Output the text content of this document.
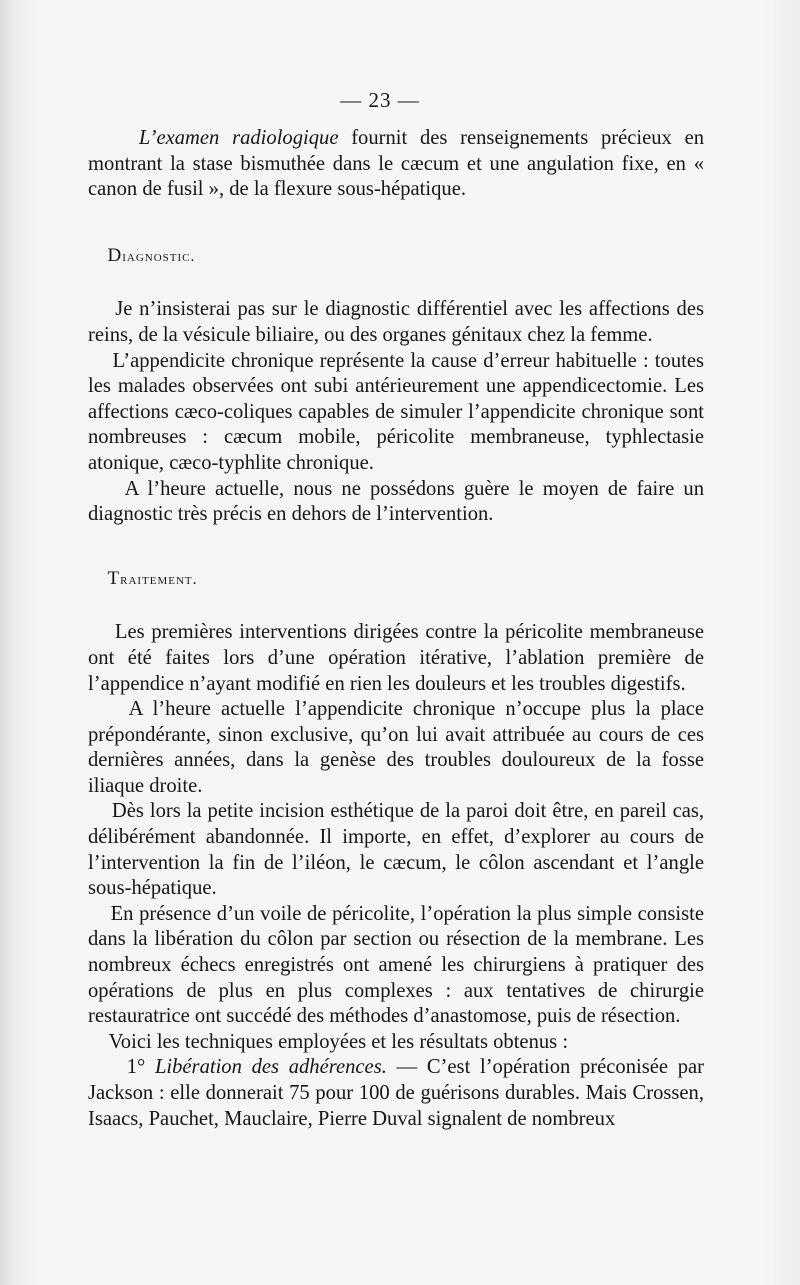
— 23 —

L’examen radiologique fournit des renseignements précieux en montrant la stase bismuthée dans le cæcum et une angulation fixe, en « canon de fusil », de la flexure sous-hépatique.

Diagnostic.

Je n’insisterai pas sur le diagnostic différentiel avec les affections des reins, de la vésicule biliaire, ou des organes génitaux chez la femme.

L’appendicite chronique représente la cause d’erreur habituelle : toutes les malades observées ont subi antérieurement une appendicectomie. Les affections cæco-coliques capables de simuler l’appendicite chronique sont nombreuses : cæcum mobile, péricolite membraneuse, typhlectasie atonique, cæco-typhlite chronique.

A l’heure actuelle, nous ne possédons guère le moyen de faire un diagnostic très précis en dehors de l’intervention.

Traitement.

Les premières interventions dirigées contre la péricolite membraneuse ont été faites lors d’une opération itérative, l’ablation première de l’appendice n’ayant modifié en rien les douleurs et les troubles digestifs.

A l’heure actuelle l’appendicite chronique n’occupe plus la place prépondérante, sinon exclusive, qu’on lui avait attribuée au cours de ces dernières années, dans la genèse des troubles douloureux de la fosse iliaque droite.

Dès lors la petite incision esthétique de la paroi doit être, en pareil cas, délibérément abandonnée. Il importe, en effet, d’explorer au cours de l’intervention la fin de l’iléon, le cæcum, le côlon ascendant et l’angle sous-hépatique.

En présence d’un voile de péricolite, l’opération la plus simple consiste dans la libération du côlon par section ou résection de la membrane. Les nombreux échecs enregistrés ont amené les chirurgiens à pratiquer des opérations de plus en plus complexes : aux tentatives de chirurgie restauratrice ont succédé des méthodes d’anastomose, puis de résection.

Voici les techniques employées et les résultats obtenus :

1° Libération des adhérences. — C’est l’opération préconisée par Jackson : elle donnerait 75 pour 100 de guérisons durables. Mais Crossen, Isaacs, Pauchet, Mauclaire, Pierre Duval signalent de nombreux
